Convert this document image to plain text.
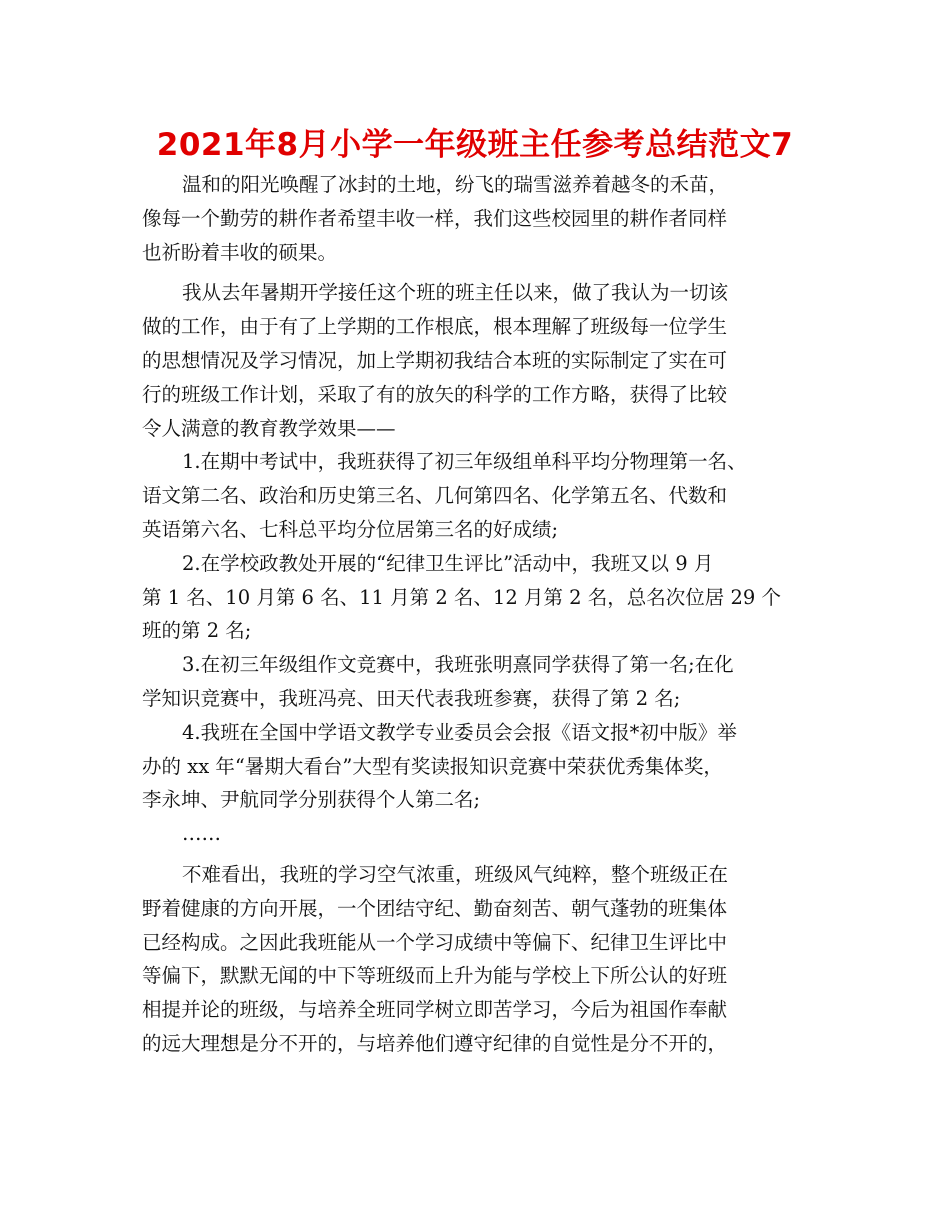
2021年8月小学一年级班主任参考总结范文7
温和的阳光唤醒了冰封的土地，纷飞的瑞雪滋养着越冬的禾苗，
像每一个勤劳的耕作者希望丰收一样，我们这些校园里的耕作者同样
也祈盼着丰收的硕果。
我从去年暑期开学接任这个班的班主任以来，做了我认为一切该
做的工作，由于有了上学期的工作根底，根本理解了班级每一位学生
的思想情况及学习情况，加上学期初我结合本班的实际制定了实在可
行的班级工作计划，采取了有的放矢的科学的工作方略，获得了比较
令人满意的教育教学效果——
1.在期中考试中，我班获得了初三年级组单科平均分物理第一名、
语文第二名、政治和历史第三名、几何第四名、化学第五名、代数和
英语第六名、七科总平均分位居第三名的好成绩;
2.在学校政教处开展的“纪律卫生评比”活动中，我班又以 9 月
第 1 名、10 月第 6 名、11 月第 2 名、12 月第 2 名，总名次位居 29 个
班的第 2 名;
3.在初三年级组作文竞赛中，我班张明熹同学获得了第一名;在化
学知识竞赛中，我班冯亮、田天代表我班参赛，获得了第 2 名;
4.我班在全国中学语文教学专业委员会会报《语文报*初中版》举
办的 xx 年“暑期大看台”大型有奖读报知识竞赛中荣获优秀集体奖，
李永坤、尹航同学分别获得个人第二名;
……
不难看出，我班的学习空气浓重，班级风气纯粹，整个班级正在
野着健康的方向开展，一个团结守纪、勤奋刻苦、朝气蓬勃的班集体
已经构成。之因此我班能从一个学习成绩中等偏下、纪律卫生评比中
等偏下，默默无闻的中下等班级而上升为能与学校上下所公认的好班
相提并论的班级，与培养全班同学树立即苦学习，今后为祖国作奉献
的远大理想是分不开的，与培养他们遵守纪律的自觉性是分不开的，
